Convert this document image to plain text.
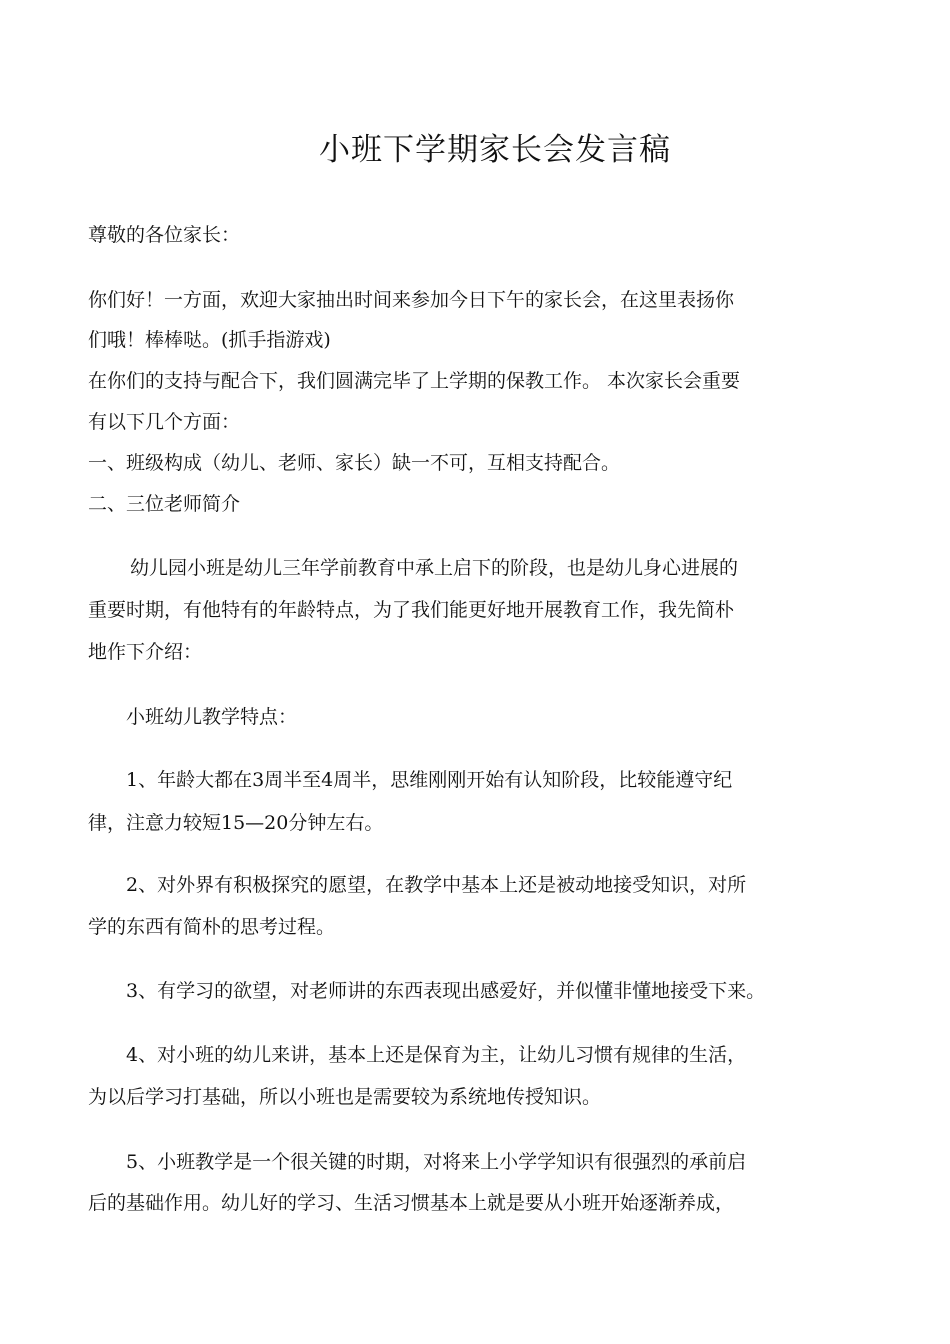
小班下学期家长会发言稿

尊敬的各位家长：

你们好！一方面，欢迎大家抽出时间来参加今日下午的家长会，在这里表扬你

们哦！棒棒哒。(抓手指游戏)

在你们的支持与配合下，我们圆满完毕了上学期的保教工作。 本次家长会重要

有以下几个方面：

一、班级构成（幼儿、老师、家长）缺一不可，互相支持配合。

二、三位老师简介

幼儿园小班是幼儿三年学前教育中承上启下的阶段，也是幼儿身心进展的

重要时期，有他特有的年龄特点，为了我们能更好地开展教育工作，我先简朴

地作下介绍：

小班幼儿教学特点：

1、年龄大都在3周半至4周半，思维刚刚开始有认知阶段，比较能遵守纪

律，注意力较短15—20分钟左右。

2、对外界有积极探究的愿望，在教学中基本上还是被动地接受知识，对所

学的东西有简朴的思考过程。

3、有学习的欲望，对老师讲的东西表现出感爱好，并似懂非懂地接受下来。

4、对小班的幼儿来讲，基本上还是保育为主，让幼儿习惯有规律的生活，

为以后学习打基础，所以小班也是需要较为系统地传授知识。

5、小班教学是一个很关键的时期，对将来上小学学知识有很强烈的承前启

后的基础作用。幼儿好的学习、生活习惯基本上就是要从小班开始逐渐养成，
